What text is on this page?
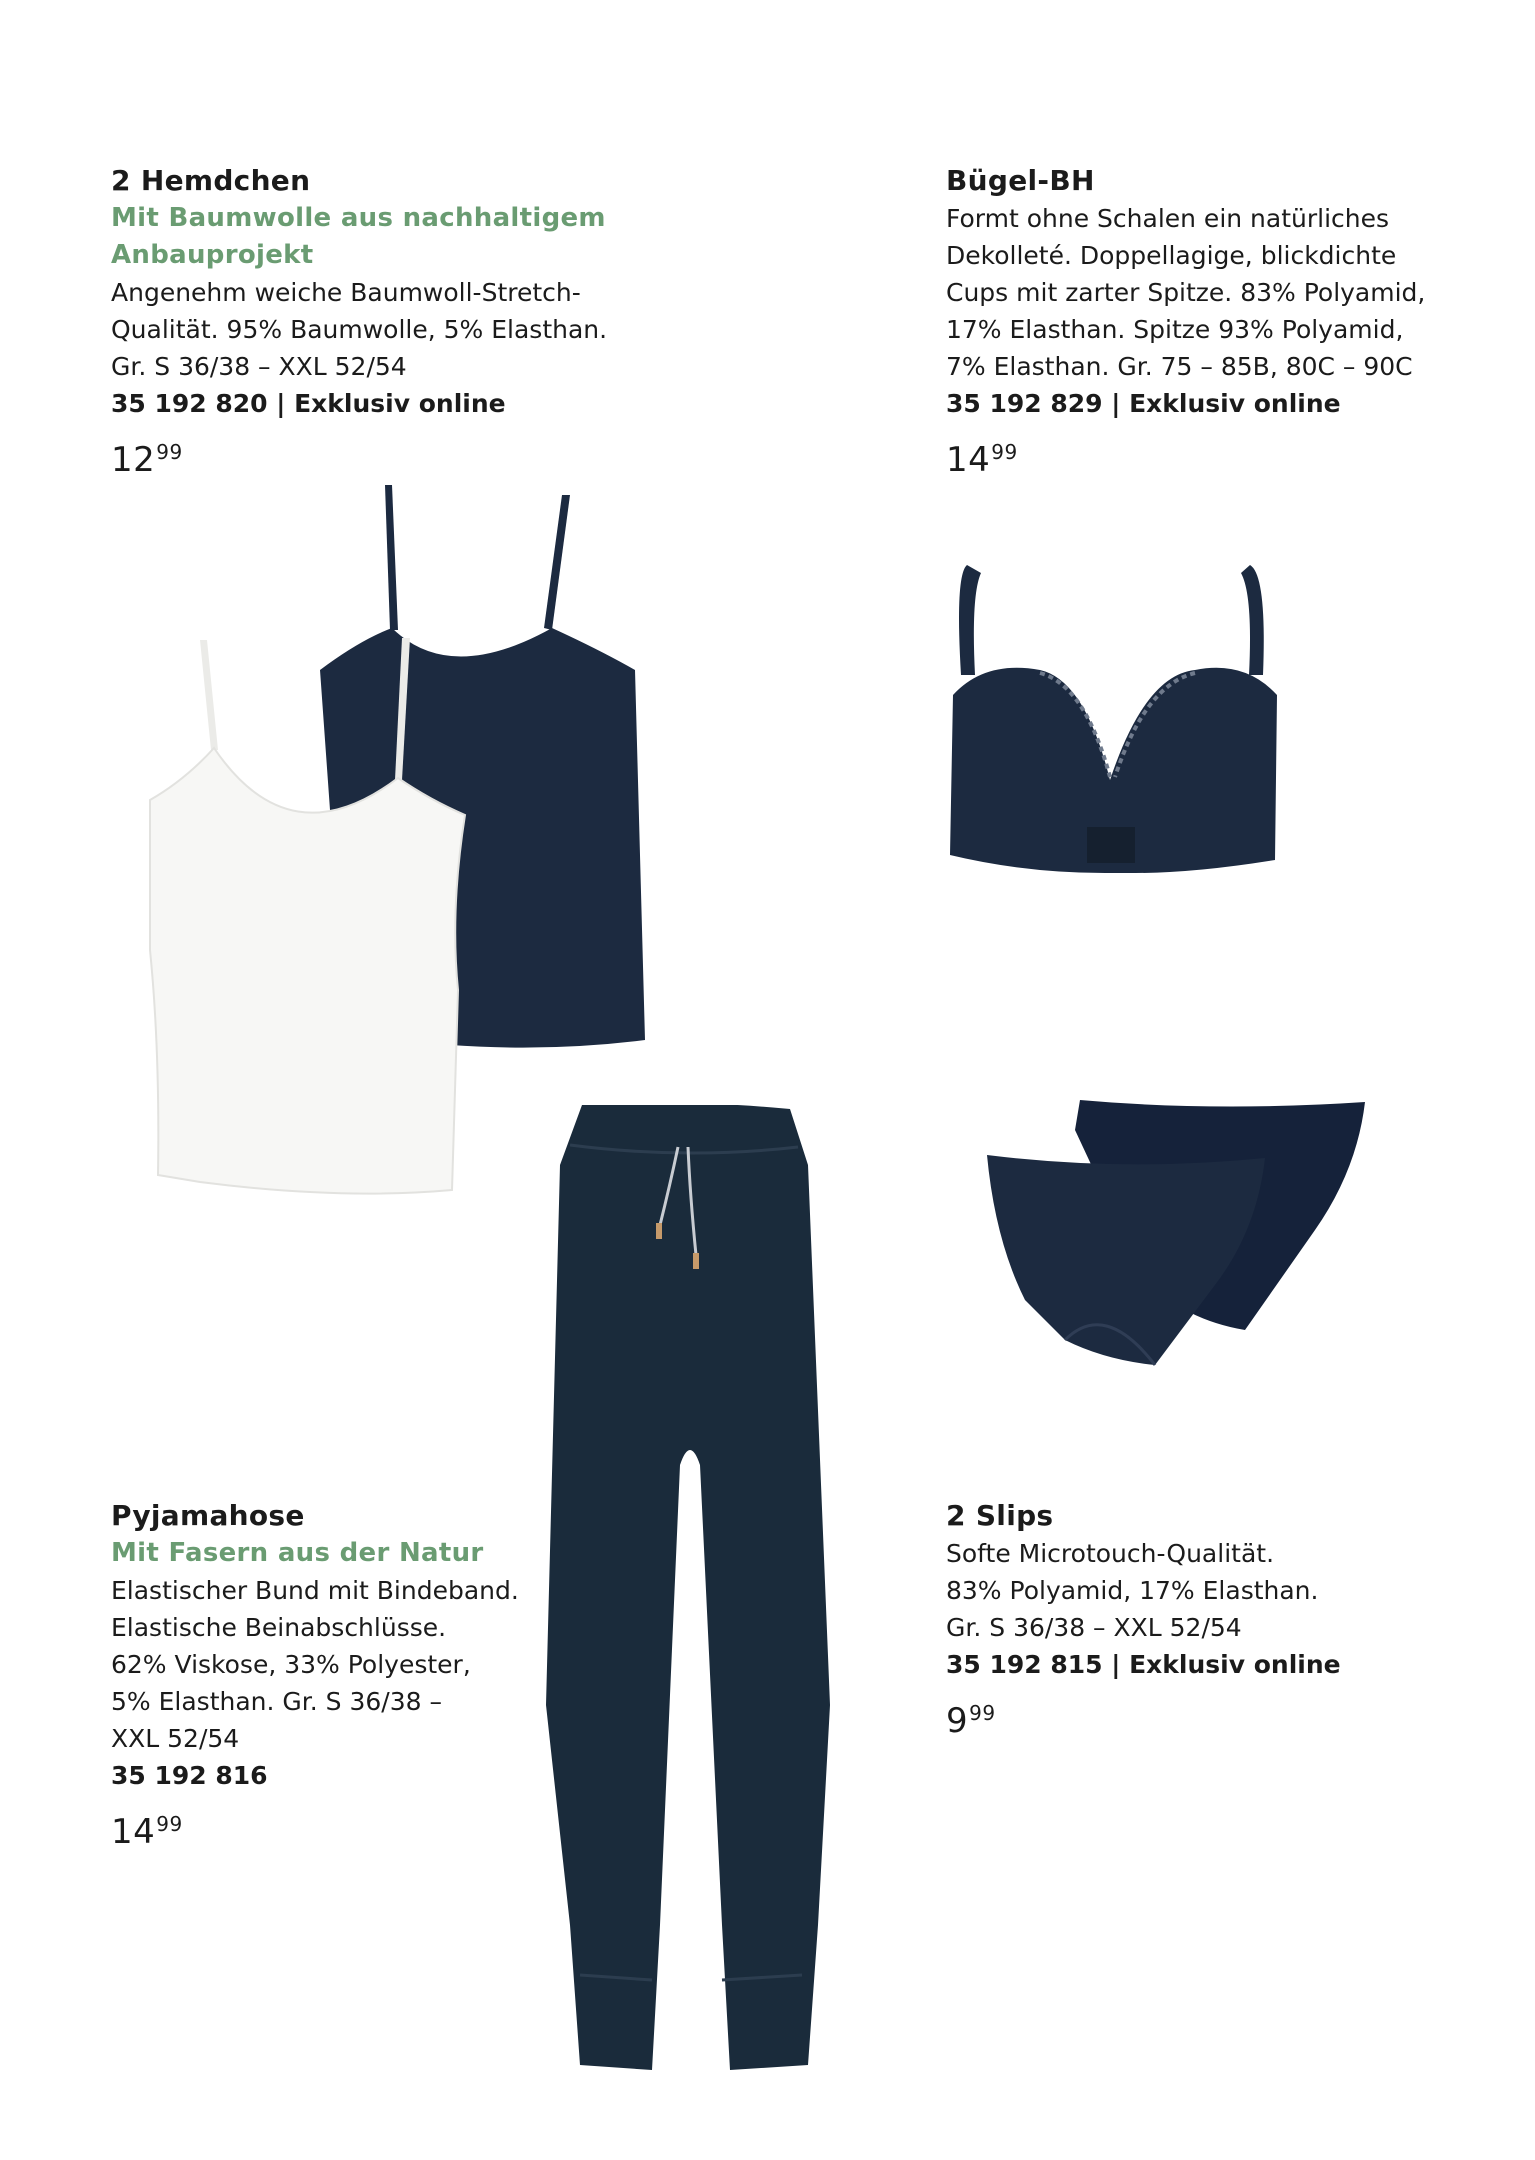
2 Hemdchen
Mit Baumwolle aus nachhaltigem
Anbauprojekt
Angenehm weiche Baumwoll-Stretch-
Qualität. 95% Baumwolle, 5% Elasthan.
Gr. S 36/38 – XXL 52/54
35 192 820 | Exklusiv online
$12^{99}$
Bügel-BH
Formt ohne Schalen ein natürliches
Dekolleté. Doppellagige, blickdichte
Cups mit zarter Spitze. 83% Polyamid,
17% Elasthan. Spitze 93% Polyamid,
7% Elasthan. Gr. 75 – 85B, 80C – 90C
35 192 829 | Exklusiv online
$14^{99}$
Pyjamahose
Mit Fasern aus der Natur
Elastischer Bund mit Bindeband.
Elastische Beinabschlüsse.
62% Viskose, 33% Polyester,
5% Elasthan. Gr. S 36/38 –
XXL 52/54
35 192 816
$14^{99}$
2 Slips
Softe Microtouch-Qualität.
83% Polyamid, 17% Elasthan.
Gr. S 36/38 – XXL 52/54
35 192 815 | Exklusiv online
$9^{99}$
